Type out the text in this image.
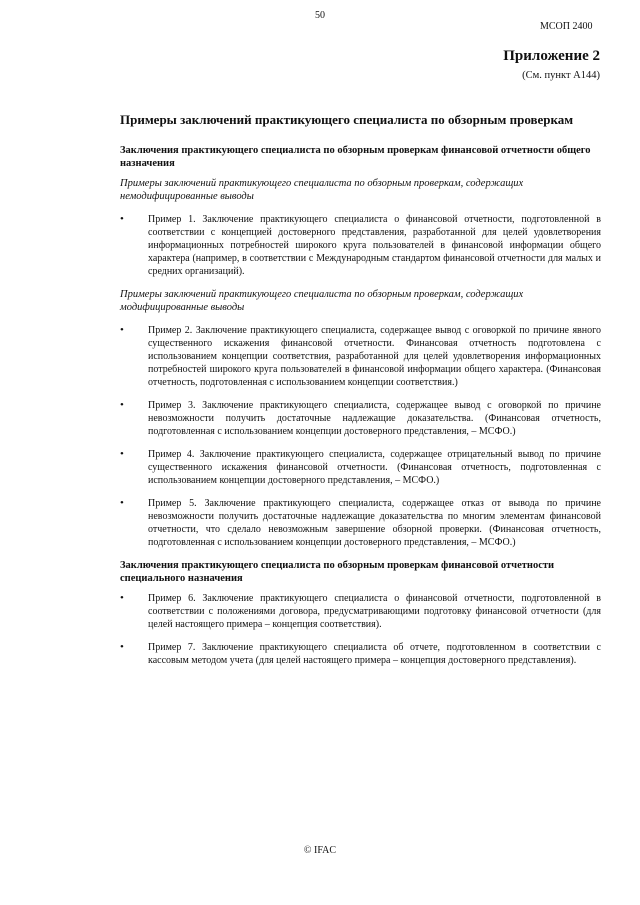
50
МСОП 2400
Приложение 2
(См. пункт А144)
Примеры заключений практикующего специалиста по обзорным проверкам
Заключения практикующего специалиста по обзорным проверкам финансовой отчетности общего назначения
Примеры заключений практикующего специалиста по обзорным проверкам, содержащих немодифицированные выводы
• Пример 1. Заключение практикующего специалиста о финансовой отчетности, подготовленной в соответствии с концепцией достоверного представления, разработанной для целей удовлетворения информационных потребностей широкого круга пользователей в финансовой информации общего характера (например, в соответствии с Международным стандартом финансовой отчетности для малых и средних организаций).
Примеры заключений практикующего специалиста по обзорным проверкам, содержащих модифицированные выводы
• Пример 2. Заключение практикующего специалиста, содержащее вывод с оговоркой по причине явного существенного искажения финансовой отчетности. Финансовая отчетность подготовлена с использованием концепции соответствия, разработанной для целей удовлетворения информационных потребностей широкого круга пользователей в финансовой информации общего характера. (Финансовая отчетность, подготовленная с использованием концепции соответствия.)
• Пример 3. Заключение практикующего специалиста, содержащее вывод с оговоркой по причине невозможности получить достаточные надлежащие доказательства. (Финансовая отчетность, подготовленная с использованием концепции достоверного представления, – МСФО.)
• Пример 4. Заключение практикующего специалиста, содержащее отрицательный вывод по причине существенного искажения финансовой отчетности. (Финансовая отчетность, подготовленная с использованием концепции достоверного представления, – МСФО.)
• Пример 5. Заключение практикующего специалиста, содержащее отказ от вывода по причине невозможности получить достаточные надлежащие доказательства по многим элементам финансовой отчетности, что сделало невозможным завершение обзорной проверки. (Финансовая отчетность, подготовленная с использованием концепции достоверного представления, – МСФО.)
Заключения практикующего специалиста по обзорным проверкам финансовой отчетности специального назначения
• Пример 6. Заключение практикующего специалиста о финансовой отчетности, подготовленной в соответствии с положениями договора, предусматривающими подготовку финансовой отчетности (для целей настоящего примера – концепция соответствия).
• Пример 7. Заключение практикующего специалиста об отчете, подготовленном в соответствии с кассовым методом учета (для целей настоящего примера – концепция достоверного представления).
© IFAC
